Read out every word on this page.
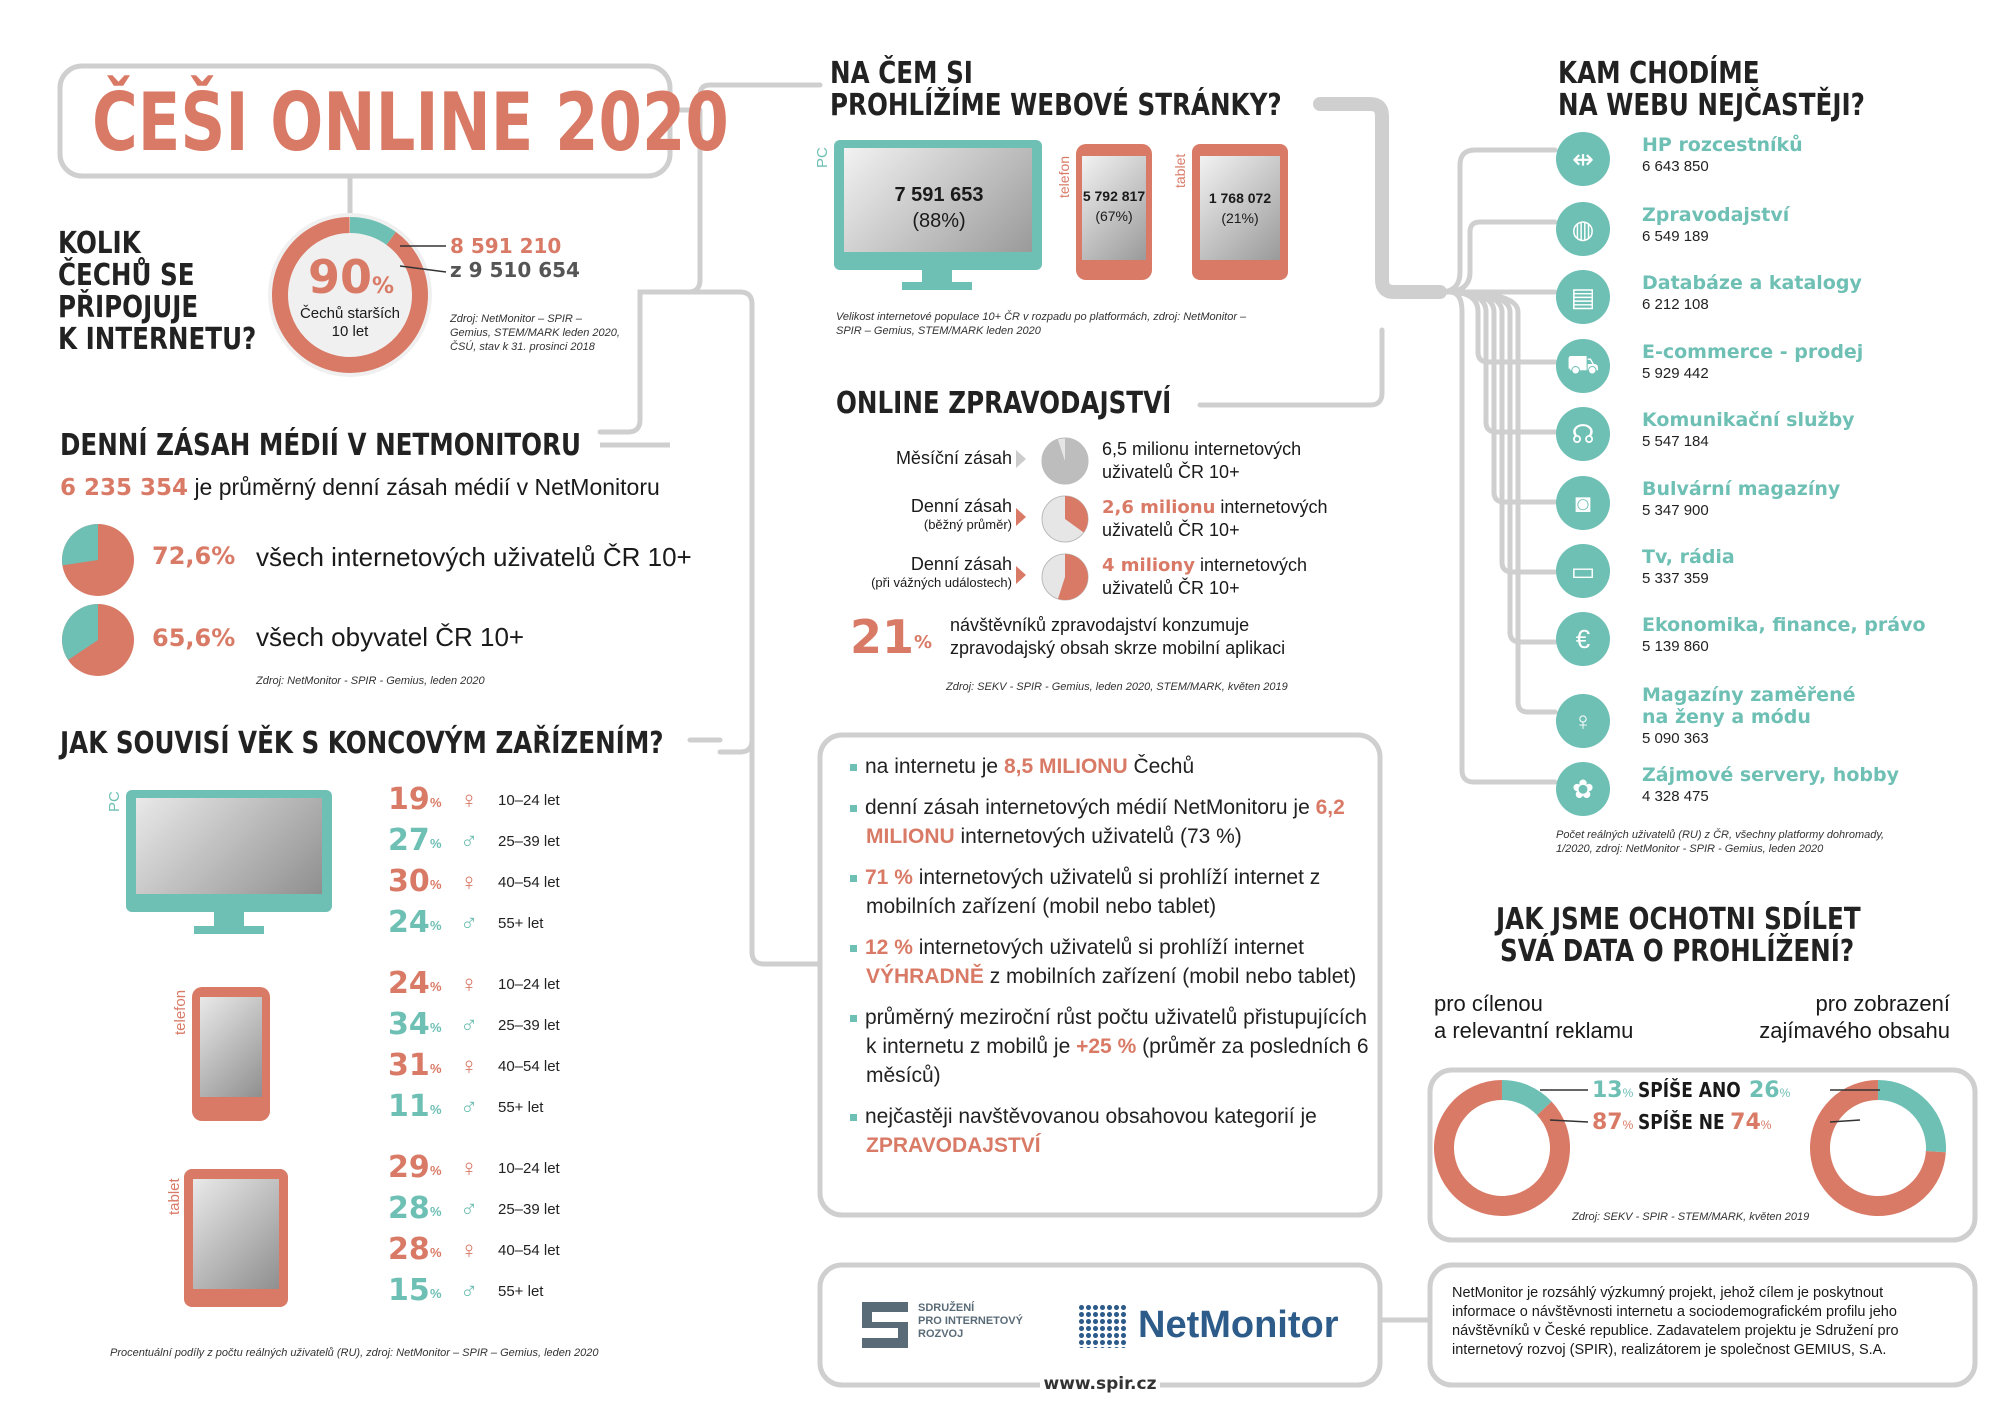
ČEŠI ONLINE 2020
KOLIK
ČECHŮ SE
PŘIPOJUJE
K INTERNETU?
90%
Čechů starších
10 let
8 591 210
z 9 510 654
Zdroj: NetMonitor – SPIR –
Gemius, STEM/MARK leden 2020,
ČSÚ, stav k 31. prosinci 2018
DENNÍ ZÁSAH MÉDIÍ V NETMONITORU
6 235 354 je průměrný denní zásah médií v NetMonitoru
72,6% všech internetových uživatelů ČR 10+
65,6% všech obyvatel ČR 10+
Zdroj: NetMonitor - SPIR - Gemius, leden 2020
JAK SOUVISÍ VĚK S KONCOVÝM ZAŘÍZENÍM?
PC
telefon
tablet
19 % ♀ 10–24 let
27 % ♂ 25–39 let
30 % ♀ 40–54 let
24 % ♂ 55+ let
24 % ♀ 10–24 let
34 % ♂ 25–39 let
31 % ♀ 40–54 let
11 % ♂ 55+ let
29 % ♀ 10–24 let
28 % ♂ 25–39 let
28 % ♀ 40–54 let
15 % ♂ 55+ let
Procentuální podíly z počtu reálných uživatelů (RU), zdroj: NetMonitor – SPIR – Gemius, leden 2020
NA ČEM SI
PROHLÍŽÍME WEBOVÉ STRÁNKY?
PC
7 591 653
(88%)
telefon 5 792 817
(67%)
tablet
1 768 072
(21%)
Velikost internetové populace 10+ ČR v rozpadu po platformách, zdroj: NetMonitor –
SPIR – Gemius, STEM/MARK leden 2020
ONLINE ZPRAVODAJSTVÍ
Měsíční zásah	6,5 milionu internetových
uživatelů ČR 10+
Denní zásah
(běžný průměr)
2,6 milionu internetových
uživatelů ČR 10+
Denní zásah
(při vážných událostech)
4 miliony internetových
uživatelů ČR 10+
21 %
návštěvníků zpravodajství konzumuje
zpravodajský obsah skrze mobilní aplikaci
Zdroj: SEKV - SPIR - Gemius, leden 2020, STEM/MARK, květen 2019
na internetu je 8,5 MILIONU Čechů
denní zásah internetových médií NetMonitoru je 6,2 MILIONU internetových uživatelů (73 %)
71 % internetových uživatelů si prohlíží internet z mobilních zařízení (mobil nebo tablet)
12 % internetových uživatelů si prohlíží internet VÝHRADNĚ z mobilních zařízení (mobil nebo tablet)
průměrný meziroční růst počtu uživatelů přistupujících k internetu z mobilů je +25 % (průměr za posledních 6 měsíců)
nejčastěji navštěvovanou obsahovou kategorií je ZPRAVODAJSTVÍ
KAM CHODÍME
NA WEBU NEJČASTĚJI?
⇹	HP rozcestníků
6 643 850
◍	Zpravodajství
6 549 189
▤	Databáze a katalogy
6 212 108
⛟	E-commerce - prodej
5 929 442
☊	Komunikační služby
5 547 184
◙	Bulvární magazíny
5 347 900
▭	Tv, rádia
5 337 359
€	Ekonomika, finance, právo
5 139 860
♀
Magazíny zaměřené
na ženy a módu
5 090 363
✿	Zájmové servery, hobby
4 328 475
Počet reálných uživatelů (RU) z ČR, všechny platformy dohromady,
1/2020, zdroj: NetMonitor - SPIR - Gemius, leden 2020
JAK JSME OCHOTNI SDÍLET
SVÁ DATA O PROHLÍŽENÍ?
pro cílenou
a relevantní reklamu
pro zobrazení
zajímavého obsahu
13% SPÍŠE ANO 26%
87% SPÍŠE NE 74%
Zdroj: SEKV - SPIR - STEM/MARK, květen 2019
SDRUŽENÍ
PRO INTERNETOVÝ
ROZVOJ	NetMonitor
www.spir.cz
NetMonitor je rozsáhlý výzkumný projekt, jehož cílem je poskytnout
informace o návštěvnosti internetu a sociodemografickém profilu jeho
návštěvníků v České republice. Zadavatelem projektu je Sdružení pro
internetový rozvoj (SPIR), realizátorem je společnost GEMIUS, S.A.
